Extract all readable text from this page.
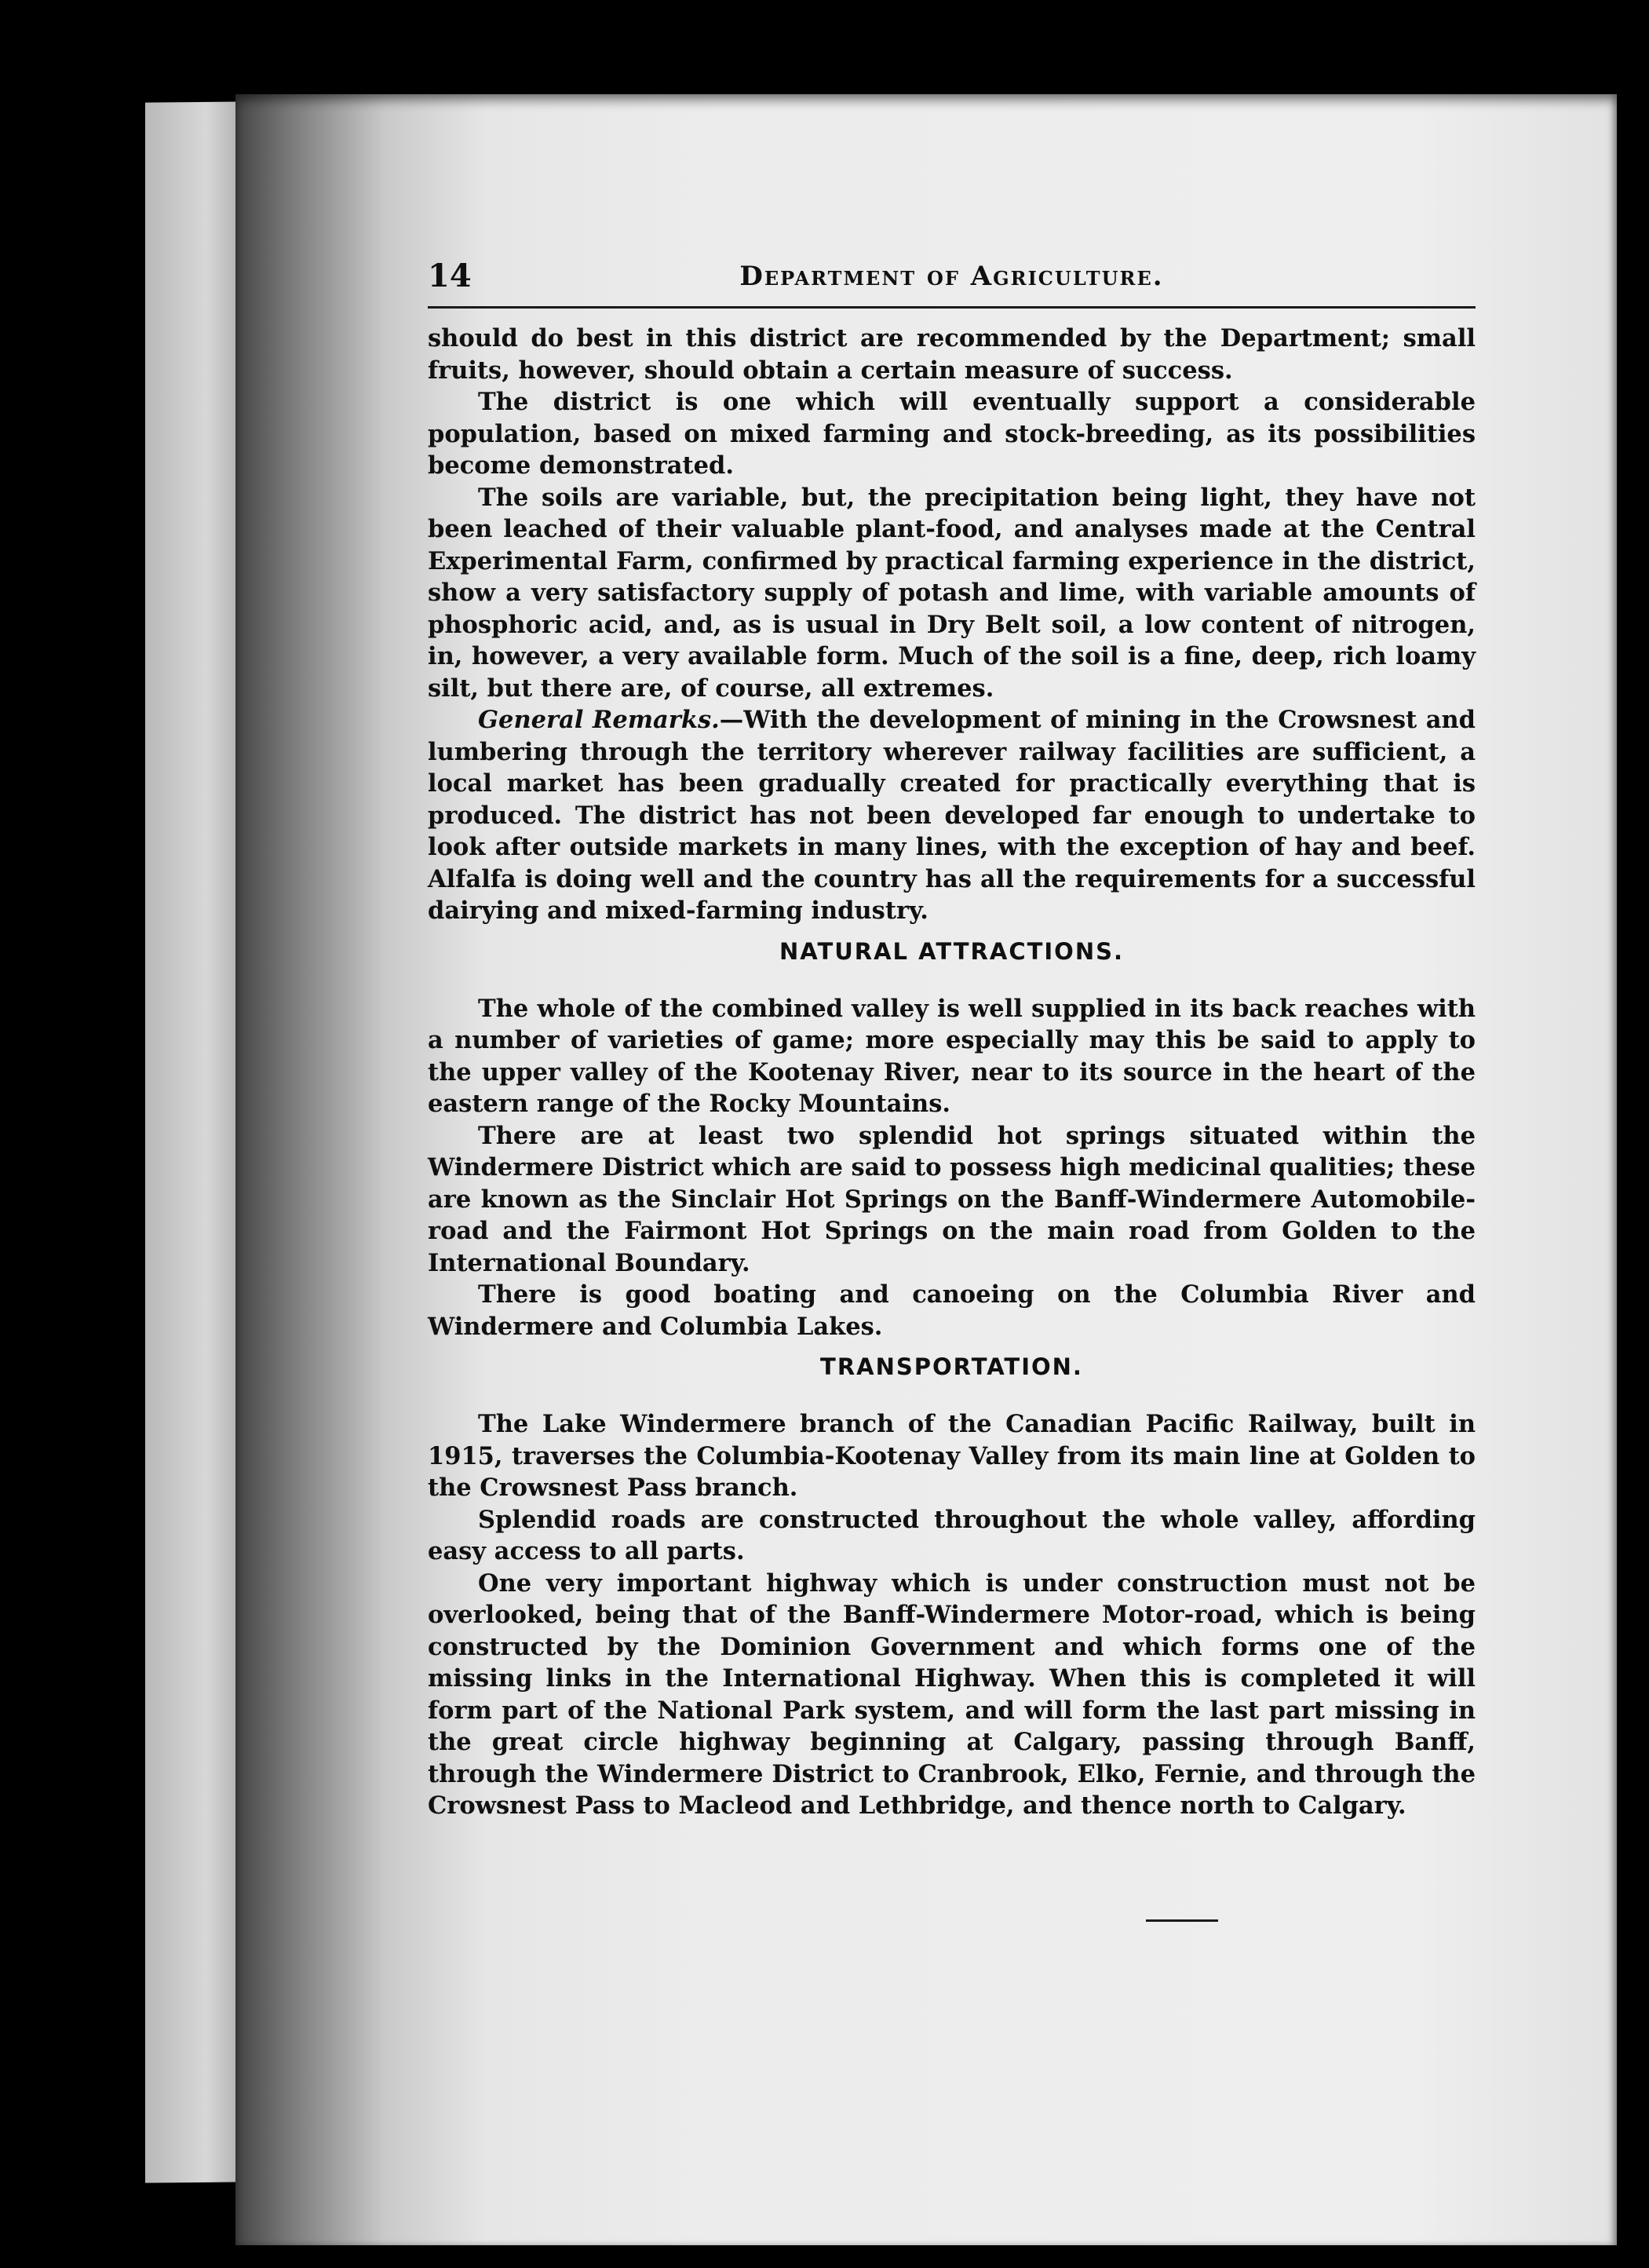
14	Department of Agriculture.

should do best in this district are recommended by the Department; small fruits, however, should obtain a certain measure of success.

The district is one which will eventually support a considerable population, based on mixed farming and stock-breeding, as its possibilities become demonstrated.

The soils are variable, but, the precipitation being light, they have not been leached of their valuable plant-food, and analyses made at the Central Experimental Farm, confirmed by practical farming experience in the district, show a very satisfactory supply of potash and lime, with variable amounts of phosphoric acid, and, as is usual in Dry Belt soil, a low content of nitrogen, in, however, a very available form. Much of the soil is a fine, deep, rich loamy silt, but there are, of course, all extremes.

General Remarks.—With the development of mining in the Crowsnest and lumbering through the territory wherever railway facilities are sufficient, a local market has been gradually created for practically everything that is produced. The district has not been developed far enough to undertake to look after outside markets in many lines, with the exception of hay and beef. Alfalfa is doing well and the country has all the requirements for a successful dairying and mixed-farming industry.

NATURAL ATTRACTIONS.

The whole of the combined valley is well supplied in its back reaches with a number of varieties of game; more especially may this be said to apply to the upper valley of the Kootenay River, near to its source in the heart of the eastern range of the Rocky Mountains.

There are at least two splendid hot springs situated within the Windermere District which are said to possess high medicinal qualities; these are known as the Sinclair Hot Springs on the Banff-Windermere Automobile-road and the Fairmont Hot Springs on the main road from Golden to the International Boundary.

There is good boating and canoeing on the Columbia River and Windermere and Columbia Lakes.

TRANSPORTATION.

The Lake Windermere branch of the Canadian Pacific Railway, built in 1915, traverses the Columbia-Kootenay Valley from its main line at Golden to the Crowsnest Pass branch.

Splendid roads are constructed throughout the whole valley, affording easy access to all parts.

One very important highway which is under construction must not be overlooked, being that of the Banff-Windermere Motor-road, which is being constructed by the Dominion Government and which forms one of the missing links in the International Highway. When this is completed it will form part of the National Park system, and will form the last part missing in the great circle highway beginning at Calgary, passing through Banff, through the Windermere District to Cranbrook, Elko, Fernie, and through the Crowsnest Pass to Macleod and Lethbridge, and thence north to Calgary.
